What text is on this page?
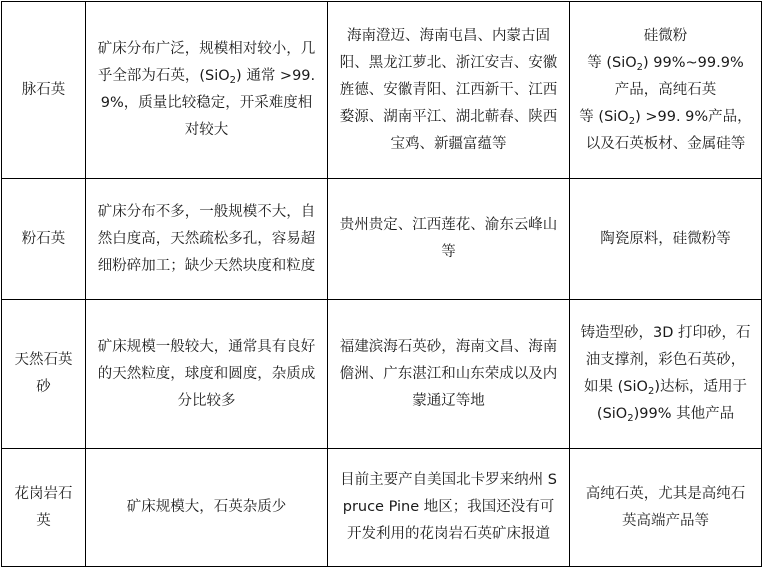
脉石英	矿床分布广泛，规模相对较小，几乎全部为石英，(SiO$_2$) 通常 >99.9%，质量比较稳定，开采难度相对较大	海南澄迈、海南屯昌、内蒙古固阳、黑龙江萝北、浙江安吉、安徽旌德、安徽青阳、江西新干、江西婺源、湖南平江、湖北蕲春、陕西宝鸡、新疆富蕴等	硅微粉
等 (SiO$_2$) 99%~99.9%
产品，高纯石英
等 (SiO$_2$) >99. 9%产品，以及石英板材、金属硅等
粉石英	矿床分布不多，一般规模不大，自然白度高，天然疏松多孔，容易超细粉碎加工；缺少天然块度和粒度	贵州贵定、江西莲花、渝东云峰山等	陶瓷原料，硅微粉等
天然石英砂	矿床规模一般较大，通常具有良好的天然粒度，球度和圆度，杂质成分比较多	福建滨海石英砂，海南文昌、海南儋洲、广东湛江和山东荣成以及内蒙通辽等地	铸造型砂，3D 打印砂，石油支撑剂，彩色石英砂，如果 (SiO$_2$)达标，适用于
(SiO$_2$)99% 其他产品
花岗岩石英	矿床规模大，石英杂质少	目前主要产自美国北卡罗来纳州 Spruce Pine 地区；我国还没有可开发利用的花岗岩石英矿床报道	高纯石英，尤其是高纯石英高端产品等
